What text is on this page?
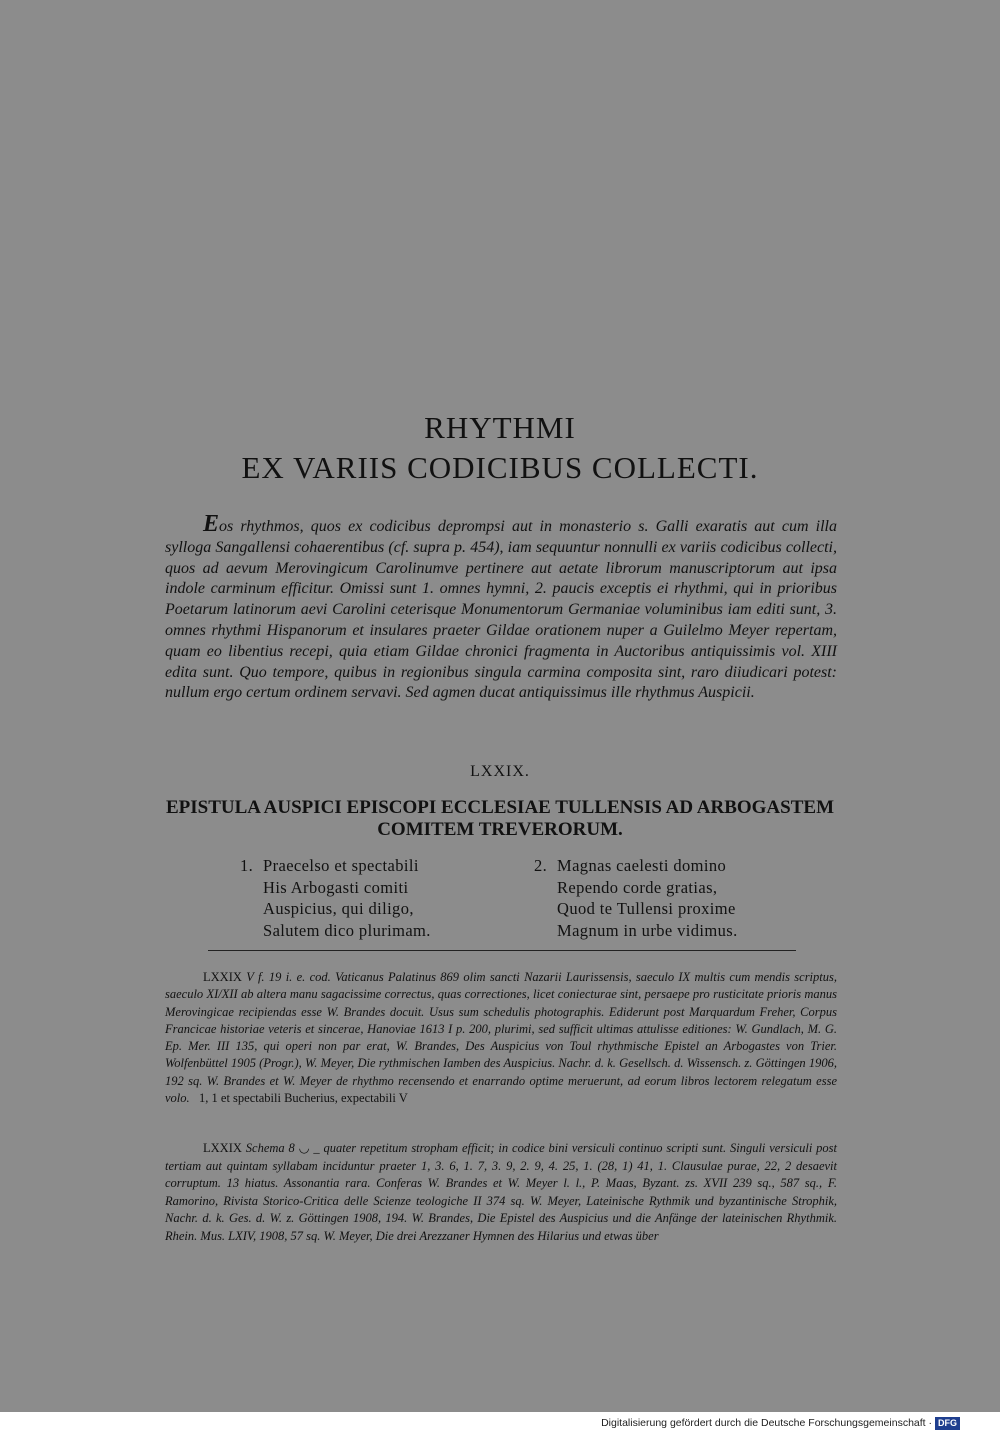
RHYTHMI
EX VARIIS CODICIBUS COLLECTI.

Eos rhythmos, quos ex codicibus deprompsi aut in monasterio s. Galli exaratis aut cum illa sylloga Sangallensi cohaerentibus (cf. supra p. 454), iam sequuntur nonnulli ex variis codicibus collecti, quos ad aevum Merovingicum Carolinumve pertinere aut aetate librorum manuscriptorum aut ipsa indole carminum efficitur. Omissi sunt 1. omnes hymni, 2. paucis exceptis ei rhythmi, qui in prioribus Poetarum latinorum aevi Carolini ceterisque Monumentorum Germaniae voluminibus iam editi sunt, 3. omnes rhythmi Hispanorum et insulares praeter Gildae orationem nuper a Guilelmo Meyer repertam, quam eo libentius recepi, quia etiam Gildae chronici fragmenta in Auctoribus antiquissimis vol. XIII edita sunt. Quo tempore, quibus in regionibus singula carmina composita sint, raro diiudicari potest: nullum ergo certum ordinem servavi. Sed agmen ducat antiquissimus ille rhythmus Auspicii.

LXXIX.
EPISTULA AUSPICI EPISCOPI ECCLESIAE TULLENSIS AD ARBOGASTEM COMITEM TREVERORUM.
1. Praecelso et spectabili
His Arbogasti comiti
Auspicius, qui diligo,
Salutem dico plurimam.
2. Magnas caelesti domino
Rependo corde gratias,
Quod te Tullensi proxime
Magnum in urbe vidimus.

LXXIX V f. 19 i. e. cod. Vaticanus Palatinus 869 olim sancti Nazarii Laurissensis, saeculo IX multis cum mendis scriptus, saeculo XI/XII ab altera manu sagacissime correctus, quas correctiones, licet coniecturae sint, persaepe pro rusticitate prioris manus Merovingicae recipiendas esse W. Brandes docuit. Usus sum schedulis photographis. Ediderunt post Marquardum Freher, Corpus Francicae historiae veteris et sincerae, Hanoviae 1613 I p. 200, plurimi, sed sufficit ultimas attulisse editiones: W. Gundlach, M. G. Ep. Mer. III 135, qui operi non par erat, W. Brandes, Des Auspicius von Toul rhythmische Epistel an Arbogastes von Trier. Wolfenbüttel 1905 (Progr.), W. Meyer, Die rythmischen Iamben des Auspicius. Nachr. d. k. Gesellsch. d. Wissensch. z. Göttingen 1906, 192 sq. W. Brandes et W. Meyer de rhythmo recensendo et enarrando optime meruerunt, ad eorum libros lectorem relegatum esse volo. 1, 1 et spectabili Bucherius, expectabili V

LXXIX Schema 8 ◡ _ quater repetitum stropham efficit; in codice bini versiculi continuo scripti sunt. Singuli versiculi post tertiam aut quintam syllabam inciduntur praeter 1, 3. 6, 1. 7, 3. 9, 2. 9, 4. 25, 1. (28, 1) 41, 1. Clausulae purae, 22, 2 desaevit corruptum. 13 hiatus. Assonantia rara. Conferas W. Brandes et W. Meyer l. l., P. Maas, Byzant. zs. XVII 239 sq., 587 sq., F. Ramorino, Rivista Storico-Critica delle Scienze teologiche II 374 sq. W. Meyer, Lateinische Rythmik und byzantinische Strophik, Nachr. d. k. Ges. d. W. z. Göttingen 1908, 194. W. Brandes, Die Epistel des Auspicius und die Anfänge der lateinischen Rhythmik. Rhein. Mus. LXIV, 1908, 57 sq. W. Meyer, Die drei Arezzaner Hymnen des Hilarius und etwas über

Digitalisierung gefördert durch die Deutsche Forschungsgemeinschaft · DFG
